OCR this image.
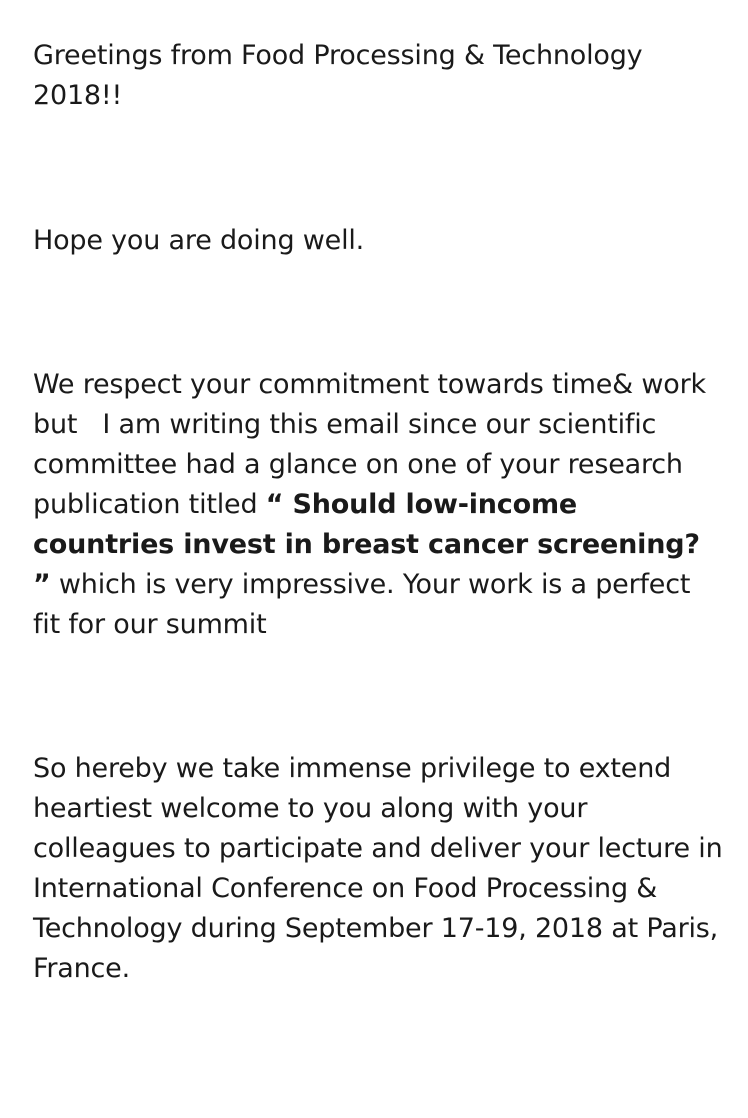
Greetings from Food Processing & Technology 2018!!

Hope you are doing well.

We respect your commitment towards time& work but   I am writing this email since our scientific committee had a glance on one of your research publication titled “ Should low-income countries invest in breast cancer screening? ” which is very impressive. Your work is a perfect fit for our summit

So hereby we take immense privilege to extend heartiest welcome to you along with your colleagues to participate and deliver your lecture in International Conference on Food Processing & Technology during September 17-19, 2018 at Paris, France.
